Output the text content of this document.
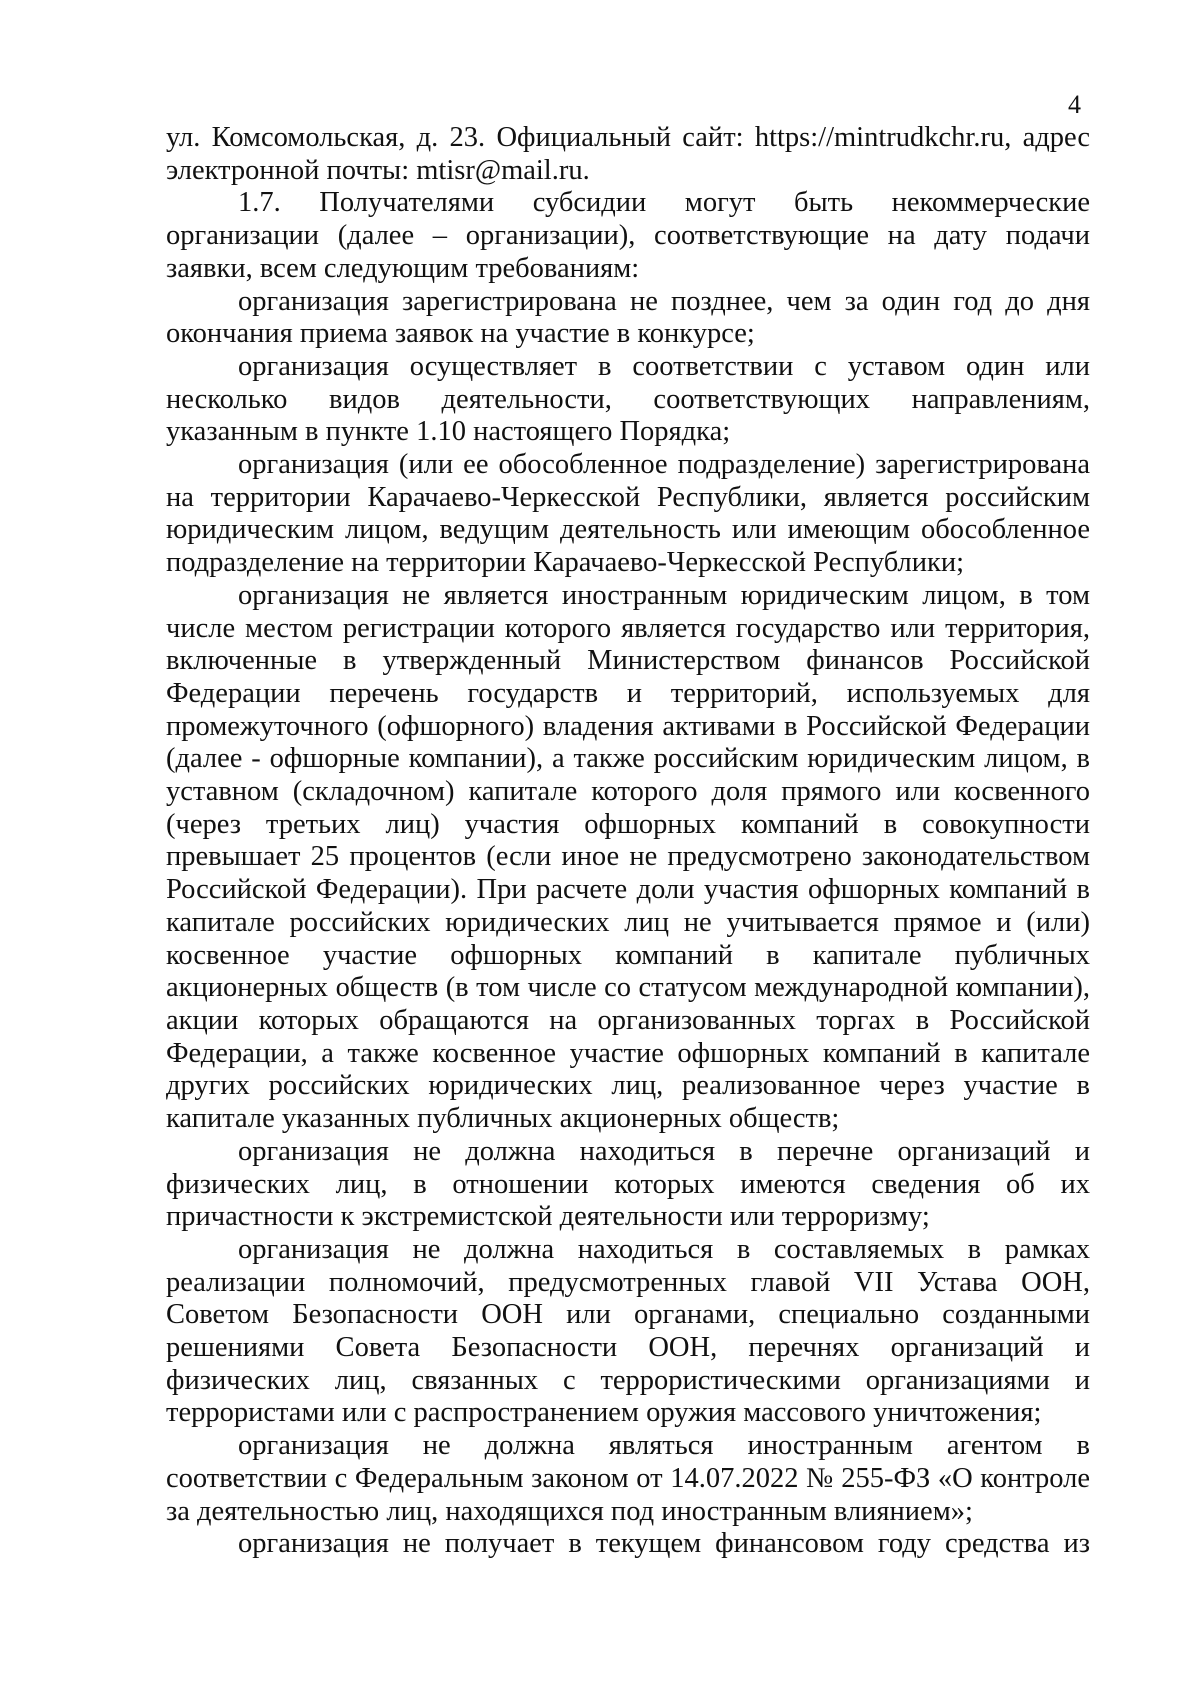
4

ул. Комсомольская, д. 23. Официальный сайт: https://mintrudkchr.ru, адрес электронной почты: mtisr@mail.ru.

1.7. Получателями субсидии могут быть некоммерческие организации (далее – организации), соответствующие на дату подачи заявки, всем следующим требованиям:

организация зарегистрирована не позднее, чем за один год до дня окончания приема заявок на участие в конкурсе;

организация осуществляет в соответствии с уставом один или несколько видов деятельности, соответствующих направлениям, указанным в пункте 1.10 настоящего Порядка;

организация (или ее обособленное подразделение) зарегистрирована на территории Карачаево-Черкесской Республики, является российским юридическим лицом, ведущим деятельность или имеющим обособленное подразделение на территории Карачаево-Черкесской Республики;

организация не является иностранным юридическим лицом, в том числе местом регистрации которого является государство или территория, включенные в утвержденный Министерством финансов Российской Федерации перечень государств и территорий, используемых для промежуточного (офшорного) владения активами в Российской Федерации (далее - офшорные компании), а также российским юридическим лицом, в уставном (складочном) капитале которого доля прямого или косвенного (через третьих лиц) участия офшорных компаний в совокупности превышает 25 процентов (если иное не предусмотрено законодательством Российской Федерации). При расчете доли участия офшорных компаний в капитале российских юридических лиц не учитывается прямое и (или) косвенное участие офшорных компаний в капитале публичных акционерных обществ (в том числе со статусом международной компании), акции которых обращаются на организованных торгах в Российской Федерации, а также косвенное участие офшорных компаний в капитале других российских юридических лиц, реализованное через участие в капитале указанных публичных акционерных обществ;

организация не должна находиться в перечне организаций и физических лиц, в отношении которых имеются сведения об их причастности к экстремистской деятельности или терроризму;

организация не должна находиться в составляемых в рамках реализации полномочий, предусмотренных главой VII Устава ООН, Советом Безопасности ООН или органами, специально созданными решениями Совета Безопасности ООН, перечнях организаций и физических лиц, связанных с террористическими организациями и террористами или с распространением оружия массового уничтожения;

организация не должна являться иностранным агентом в соответствии с Федеральным законом от 14.07.2022 № 255-ФЗ «О контроле за деятельностью лиц, находящихся под иностранным влиянием»;

организация не получает в текущем финансовом году средства из
